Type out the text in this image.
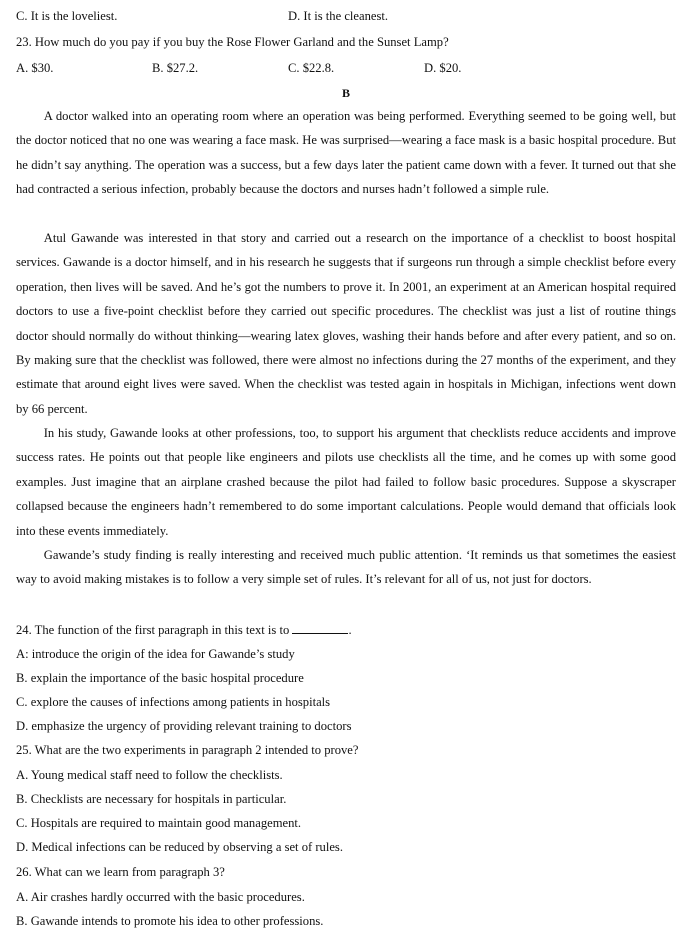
C. It is the loveliest.	D. It is the cleanest.
23. How much do you pay if you buy the Rose Flower Garland and the Sunset Lamp?
A. $30.	B. $27.2.	C. $22.8.	D. $20.
B
A doctor walked into an operating room where an operation was being performed. Everything seemed to be going well, but the doctor noticed that no one was wearing a face mask. He was surprised—wearing a face mask is a basic hospital procedure. But he didn’t say anything. The operation was a success, but a few days later the patient came down with a fever. It turned out that she had contracted a serious infection, probably because the doctors and nurses hadn’t followed a simple rule.
Atul Gawande was interested in that story and carried out a research on the importance of a checklist to boost hospital services. Gawande is a doctor himself, and in his research he suggests that if surgeons run through a simple checklist before every operation, then lives will be saved. And he’s got the numbers to prove it. In 2001, an experiment at an American hospital required doctors to use a five-point checklist before they carried out specific procedures. The checklist was just a list of routine things doctor should normally do without thinking—wearing latex gloves, washing their hands before and after every patient, and so on. By making sure that the checklist was followed, there were almost no infections during the 27 months of the experiment, and they estimate that around eight lives were saved. When the checklist was tested again in hospitals in Michigan, infections went down by 66 percent.
In his study, Gawande looks at other professions, too, to support his argument that checklists reduce accidents and improve success rates. He points out that people like engineers and pilots use checklists all the time, and he comes up with some good examples. Just imagine that an airplane crashed because the pilot had failed to follow basic procedures. Suppose a skyscraper collapsed because the engineers hadn’t remembered to do some important calculations. People would demand that officials look into these events immediately.
Gawande’s study finding is really interesting and received much public attention. ‘It reminds us that sometimes the easiest way to avoid making mistakes is to follow a very simple set of rules. It’s relevant for all of us, not just for doctors.
24. The function of the first paragraph in this text is to	.
A: introduce the origin of the idea for Gawande’s study
B. explain the importance of the basic hospital procedure
C. explore the causes of infections among patients in hospitals
D. emphasize the urgency of providing relevant training to doctors
25. What are the two experiments in paragraph 2 intended to prove?
A. Young medical staff need to follow the checklists.
B. Checklists are necessary for hospitals in particular.
C. Hospitals are required to maintain good management.
D. Medical infections can be reduced by observing a set of rules.
26. What can we learn from paragraph 3?
A. Air crashes hardly occurred with the basic procedures.
B. Gawande intends to promote his idea to other professions.
